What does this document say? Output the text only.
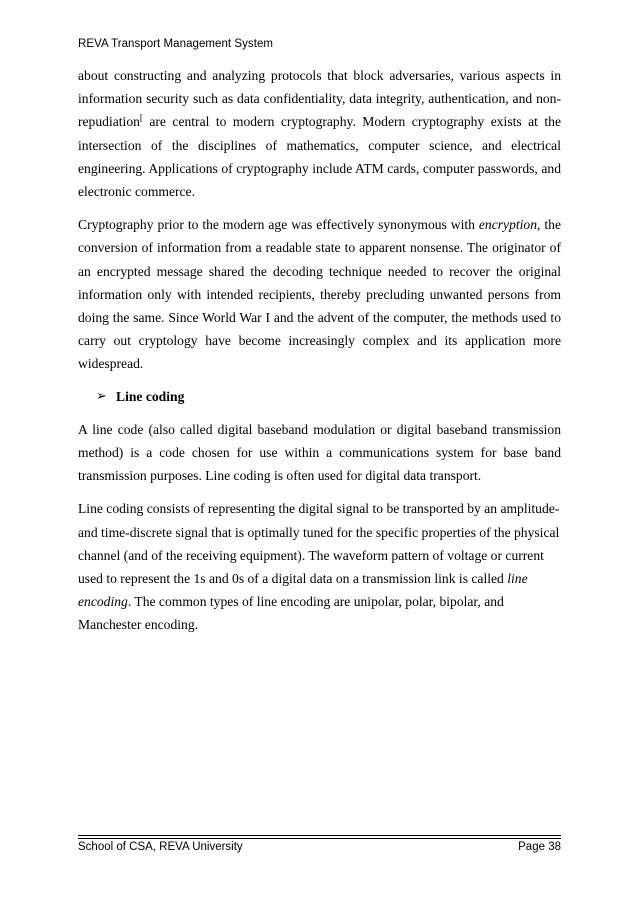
REVA Transport Management System

about constructing and analyzing protocols that block adversaries, various aspects in information security such as data confidentiality, data integrity, authentication, and non-repudiation[ are central to modern cryptography. Modern cryptography exists at the intersection of the disciplines of mathematics, computer science, and electrical engineering. Applications of cryptography include ATM cards, computer passwords, and electronic commerce.

Cryptography prior to the modern age was effectively synonymous with encryption, the conversion of information from a readable state to apparent nonsense. The originator of an encrypted message shared the decoding technique needed to recover the original information only with intended recipients, thereby precluding unwanted persons from doing the same. Since World War I and the advent of the computer, the methods used to carry out cryptology have become increasingly complex and its application more widespread.

➢ Line coding

A line code (also called digital baseband modulation or digital baseband transmission method) is a code chosen for use within a communications system for base band transmission purposes. Line coding is often used for digital data transport.

Line coding consists of representing the digital signal to be transported by an amplitude- and time-discrete signal that is optimally tuned for the specific properties of the physical channel (and of the receiving equipment). The waveform pattern of voltage or current used to represent the 1s and 0s of a digital data on a transmission link is called line encoding. The common types of line encoding are unipolar, polar, bipolar, and Manchester encoding.

School of CSA, REVA University	Page 38
